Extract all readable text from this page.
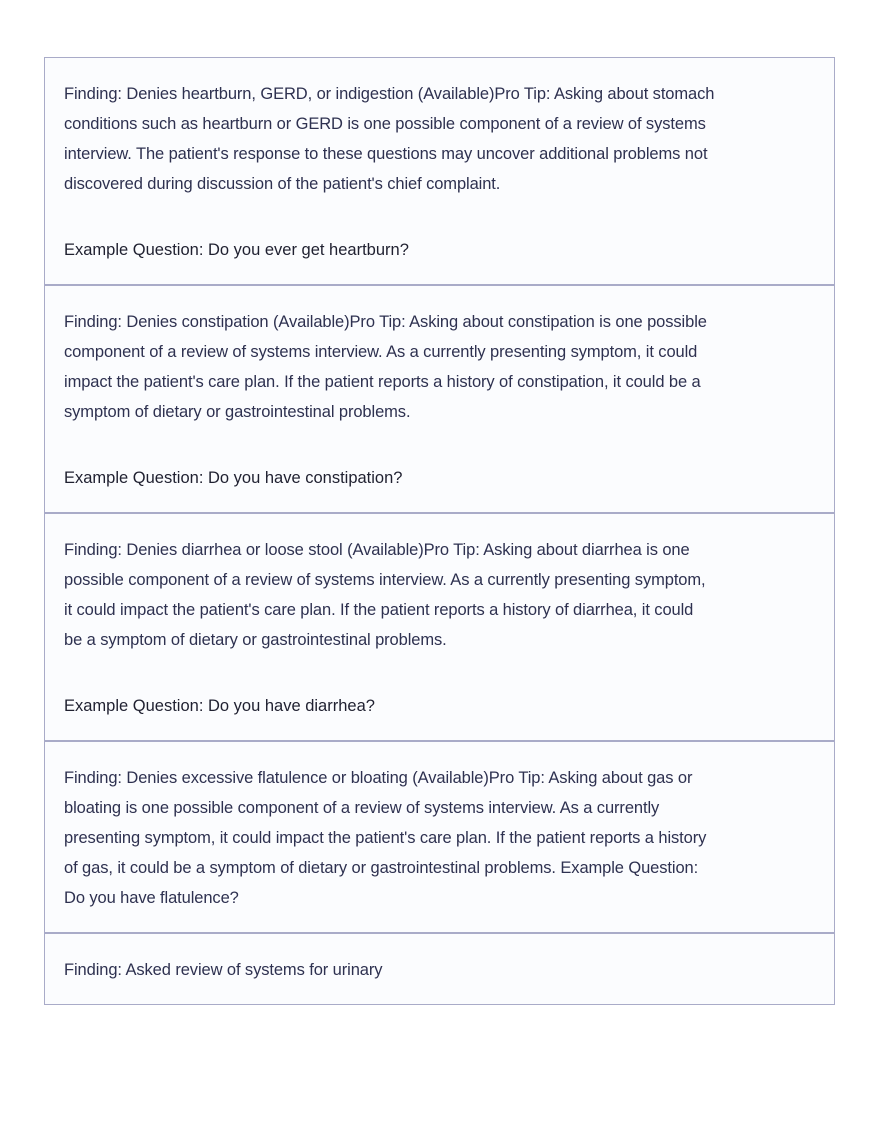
Finding: Denies heartburn, GERD, or indigestion (Available)Pro Tip: Asking about stomach
conditions such as heartburn or GERD is one possible component of a review of systems
interview. The patient's response to these questions may uncover additional problems not
discovered during discussion of the patient's chief complaint.
Example Question: Do you ever get heartburn?
Finding: Denies constipation (Available)Pro Tip: Asking about constipation is one possible
component of a review of systems interview. As a currently presenting symptom, it could
impact the patient's care plan. If the patient reports a history of constipation, it could be a
symptom of dietary or gastrointestinal problems.
Example Question: Do you have constipation?
Finding: Denies diarrhea or loose stool (Available)Pro Tip: Asking about diarrhea is one
possible component of a review of systems interview. As a currently presenting symptom,
it could impact the patient's care plan. If the patient reports a history of diarrhea, it could
be a symptom of dietary or gastrointestinal problems.
Example Question: Do you have diarrhea?
Finding: Denies excessive flatulence or bloating (Available)Pro Tip: Asking about gas or
bloating is one possible component of a review of systems interview. As a currently
presenting symptom, it could impact the patient's care plan. If the patient reports a history
of gas, it could be a symptom of dietary or gastrointestinal problems. Example Question:
Do you have flatulence?
Finding: Asked review of systems for urinary
